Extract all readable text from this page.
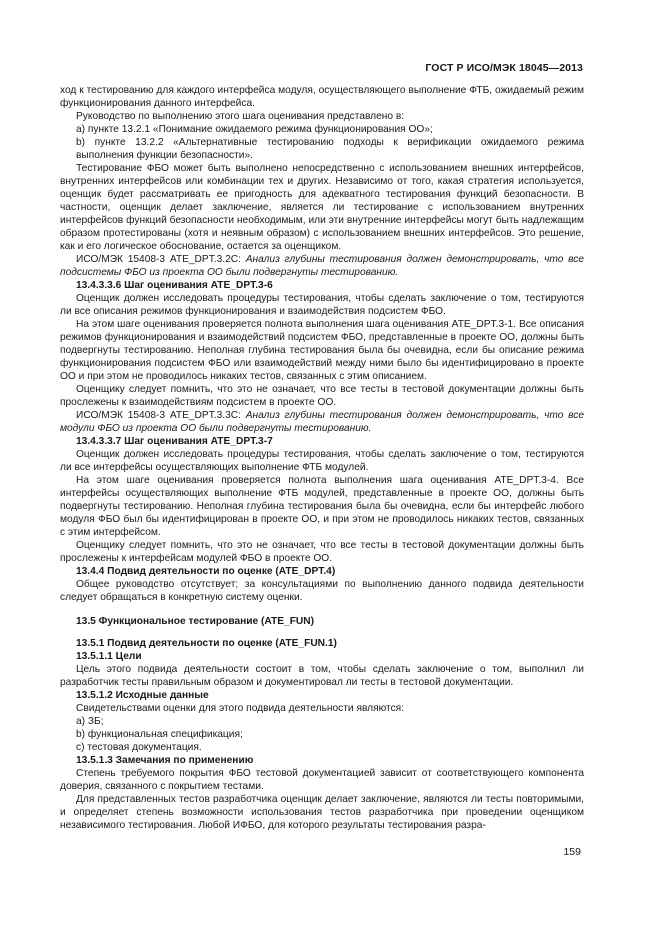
ГОСТ Р ИСО/МЭК 18045—2013

ход к тестированию для каждого интерфейса модуля, осуществляющего выполнение ФТБ, ожидаемый режим функционирования данного интерфейса.

Руководство по выполнению этого шага оценивания представлено в:

a) пункте 13.2.1 «Понимание ожидаемого режима функционирования ОО»;

b) пункте 13.2.2 «Альтернативные тестированию подходы к верификации ожидаемого режима выполнения функции безопасности».

Тестирование ФБО может быть выполнено непосредственно с использованием внешних интерфейсов, внутренних интерфейсов или комбинации тех и других. Независимо от того, какая стратегия используется, оценщик будет рассматривать ее пригодность для адекватного тестирования функций безопасности. В частности, оценщик делает заключение, является ли тестирование с использованием внутренних интерфейсов функций безопасности необходимым, или эти внутренние интерфейсы могут быть надлежащим образом протестированы (хотя и неявным образом) с использованием внешних интерфейсов. Это решение, как и его логическое обоснование, остается за оценщиком.

ИСО/МЭК 15408-3 ATE_DPT.3.2C: Анализ глубины тестирования должен демонстрировать, что все подсистемы ФБО из проекта ОО были подвергнуты тестированию.

13.4.3.3.6 Шаг оценивания ATE_DPT.3-6

Оценщик должен исследовать процедуры тестирования, чтобы сделать заключение о том, тестируются ли все описания режимов функционирования и взаимодействия подсистем ФБО.

На этом шаге оценивания проверяется полнота выполнения шага оценивания ATE_DPT.3-1. Все описания режимов функционирования и взаимодействий подсистем ФБО, представленные в проекте ОО, должны быть подвергнуты тестированию. Неполная глубина тестирования была бы очевидна, если бы описание режима функционирования подсистем ФБО или взаимодействий между ними было бы идентифицировано в проекте ОО и при этом не проводилось никаких тестов, связанных с этим описанием.

Оценщику следует помнить, что это не означает, что все тесты в тестовой документации должны быть прослежены к взаимодействиям подсистем в проекте ОО.

ИСО/МЭК 15408-3 ATE_DPT.3.3C: Анализ глубины тестирования должен демонстрировать, что все модули ФБО из проекта ОО были подвергнуты тестированию.

13.4.3.3.7 Шаг оценивания ATE_DPT.3-7

Оценщик должен исследовать процедуры тестирования, чтобы сделать заключение о том, тестируются ли все интерфейсы осуществляющих выполнение ФТБ модулей.

На этом шаге оценивания проверяется полнота выполнения шага оценивания ATE_DPT.3-4. Все интерфейсы осуществляющих выполнение ФТБ модулей, представленные в проекте ОО, должны быть подвергнуты тестированию. Неполная глубина тестирования была бы очевидна, если бы интерфейс любого модуля ФБО был бы идентифицирован в проекте ОО, и при этом не проводилось никаких тестов, связанных с этим интерфейсом.

Оценщику следует помнить, что это не означает, что все тесты в тестовой документации должны быть прослежены к интерфейсам модулей ФБО в проекте ОО.

13.4.4 Подвид деятельности по оценке (ATE_DPT.4)

Общее руководство отсутствует; за консультациями по выполнению данного подвида деятельности следует обращаться в конкретную систему оценки.

13.5 Функциональное тестирование (ATE_FUN)

13.5.1 Подвид деятельности по оценке (ATE_FUN.1)

13.5.1.1 Цели

Цель этого подвида деятельности состоит в том, чтобы сделать заключение о том, выполнил ли разработчик тесты правильным образом и документировал ли тесты в тестовой документации.

13.5.1.2 Исходные данные

Свидетельствами оценки для этого подвида деятельности являются:

a) ЗБ;

b) функциональная спецификация;

c) тестовая документация.

13.5.1.3 Замечания по применению

Степень требуемого покрытия ФБО тестовой документацией зависит от соответствующего компонента доверия, связанного с покрытием тестами.

Для представленных тестов разработчика оценщик делает заключение, являются ли тесты повторимыми, и определяет степень возможности использования тестов разработчика при проведении оценщиком независимого тестирования. Любой ИФБО, для которого результаты тестирования разра-

159
